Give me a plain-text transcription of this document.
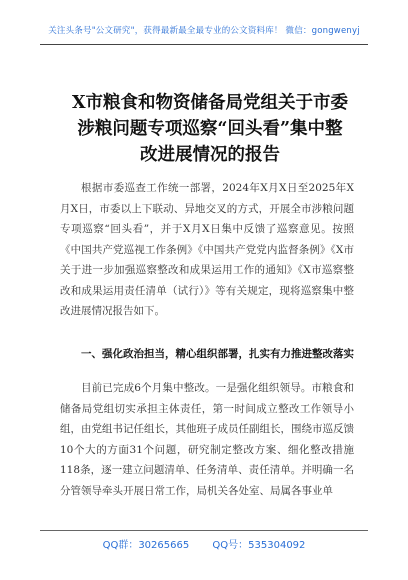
关注头条号"公文研究"，获得最新最全最专业的公文资料库！ 微信：gongwenyj
X市粮食和物资储备局党组关于市委涉粮问题专项巡察“回头看”集中整改进展情况的报告
根据市委巡查工作统一部署，2024年X月X日至2025年X月X日，市委以上下联动、异地交叉的方式，开展全市涉粮问题专项巡察“回头看”，并于X月X日集中反馈了巡察意见。按照《中国共产党巡视工作条例》《中国共产党党内监督条例》《X市关于进一步加强巡察整改和成果运用工作的通知》《X市巡察整改和成果运用责任清单（试行）》等有关规定，现将巡察集中整改进展情况报告如下。
一、强化政治担当，精心组织部署，扎实有力推进整改落实
目前已完成6个月集中整改。一是强化组织领导。市粮食和储备局党组切实承担主体责任，第一时间成立整改工作领导小组，由党组书记任组长，其他班子成员任副组长，围绕市巡反馈10个大的方面31个问题，研究制定整改方案、细化整改措施118条，逐一建立问题清单、任务清单、责任清单。并明确一名分管领导牵头开展日常工作，局机关各处室、局属各事业单
QQ群：30265665 QQ号：535304092
